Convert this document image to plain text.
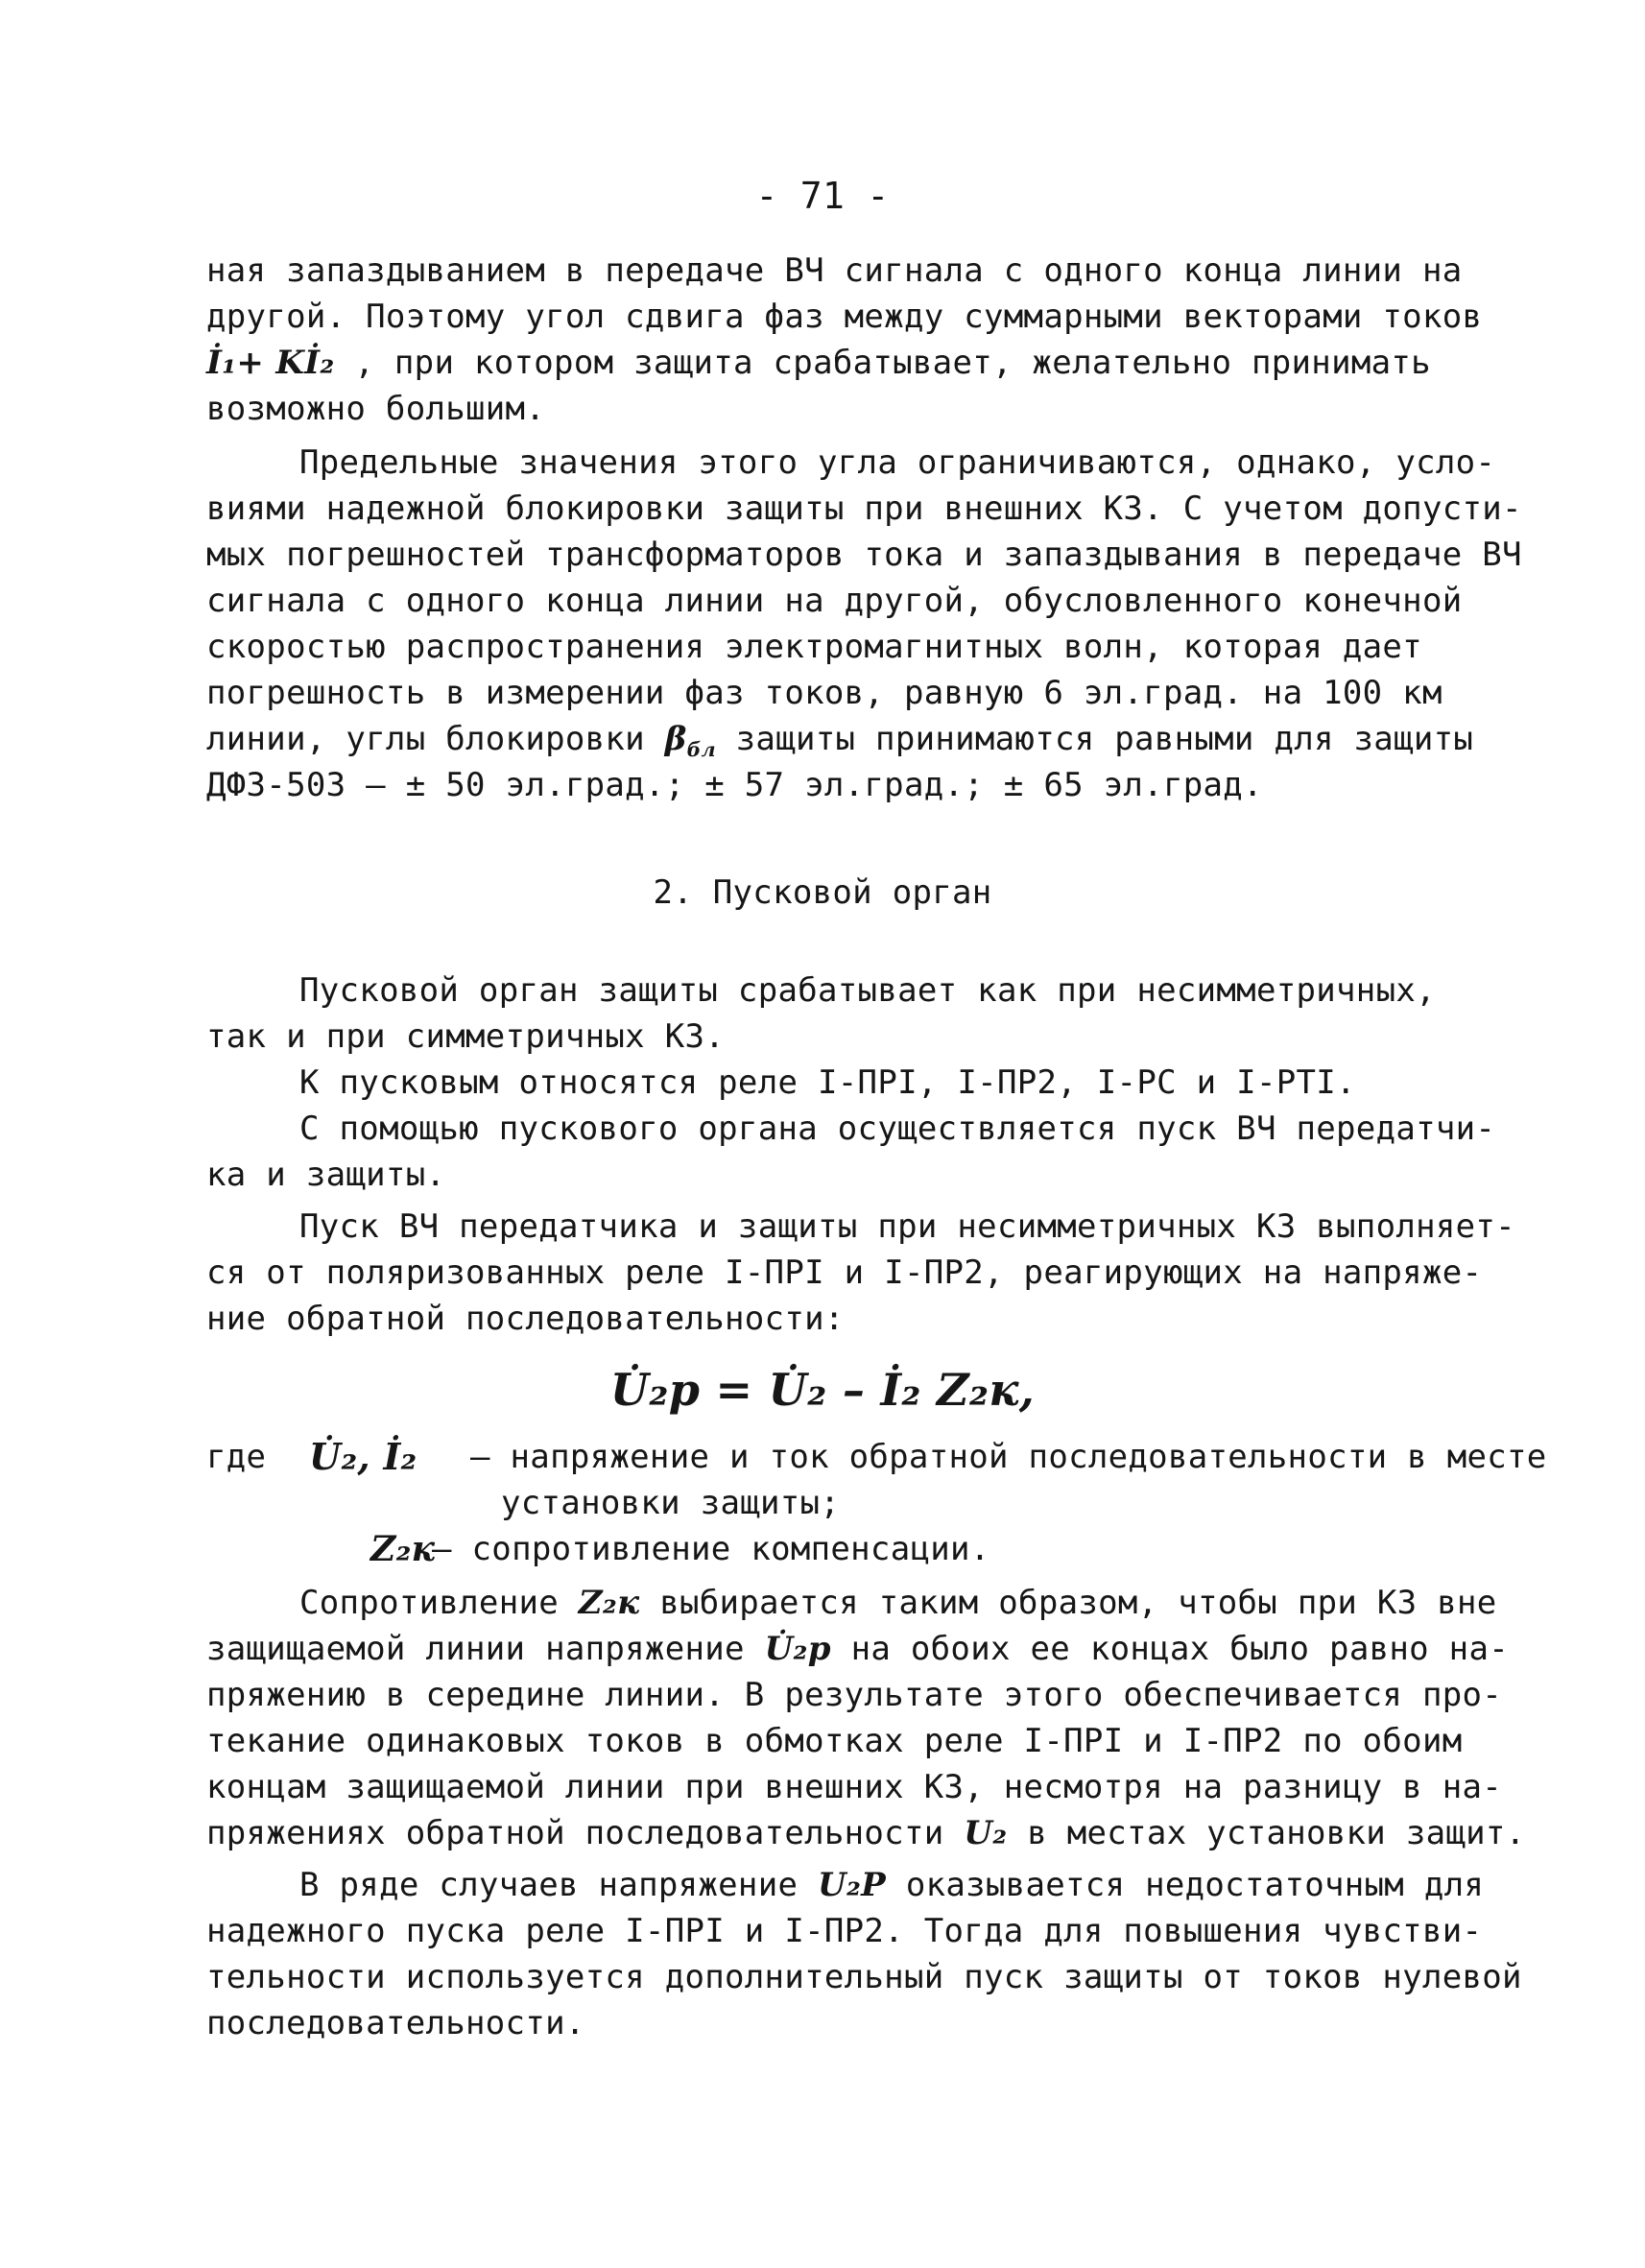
- 71 -
ная запаздыванием в передаче ВЧ сигнала с одного конца линии на
другой. Поэтому угол сдвига фаз между суммарными векторами токов
İ₁+ Kİ₂ , при котором защита срабатывает, желательно принимать
возможно большим.
Предельные значения этого угла ограничиваются, однако, усло-
виями надежной блокировки защиты при внешних КЗ. С учетом допусти-
мых погрешностей трансформаторов тока и запаздывания в передаче ВЧ
сигнала с одного конца линии на другой, обусловленного конечной
скоростью распространения электромагнитных волн, которая дает
погрешность в измерении фаз токов, равную 6 эл.град. на 100 км
линии, углы блокировки $\beta_{бл}$ защиты принимаются равными для защиты
ДФЗ-503 – ± 50 эл.град.; ± 57 эл.град.; ± 65 эл.град.
2. Пусковой орган
Пусковой орган защиты срабатывает как при несимметричных,
так и при симметричных КЗ.
К пусковым относятся реле I-ПРI, I-ПР2, I-РС и I-РТI.
С помощью пускового органа осуществляется пуск ВЧ передатчи-
ка и защиты.
Пуск ВЧ передатчика и защиты при несимметричных КЗ выполняет-
ся от поляризованных реле I-ПРI и I-ПР2, реагирующих на напряже-
ние обратной последовательности:
U̇₂р = U̇₂ – İ₂ Z₂к,
где U̇₂, İ₂ – напряжение и ток обратной последовательности в месте
установки защиты;
Z₂к
– сопротивление компенсации.
Сопротивление Z₂к выбирается таким образом, чтобы при КЗ вне
защищаемой линии напряжение U̇₂р на обоих ее концах было равно на-
пряжению в середине линии. В результате этого обеспечивается про-
текание одинаковых токов в обмотках реле I-ПРI и I-ПР2 по обоим
концам защищаемой линии при внешних КЗ, несмотря на разницу в на-
пряжениях обратной последовательности U₂ в местах установки защит.
В ряде случаев напряжение U₂Р оказывается недостаточным для
надежного пуска реле I-ПРI и I-ПР2. Тогда для повышения чувстви-
тельности используется дополнительный пуск защиты от токов нулевой
последовательности.
